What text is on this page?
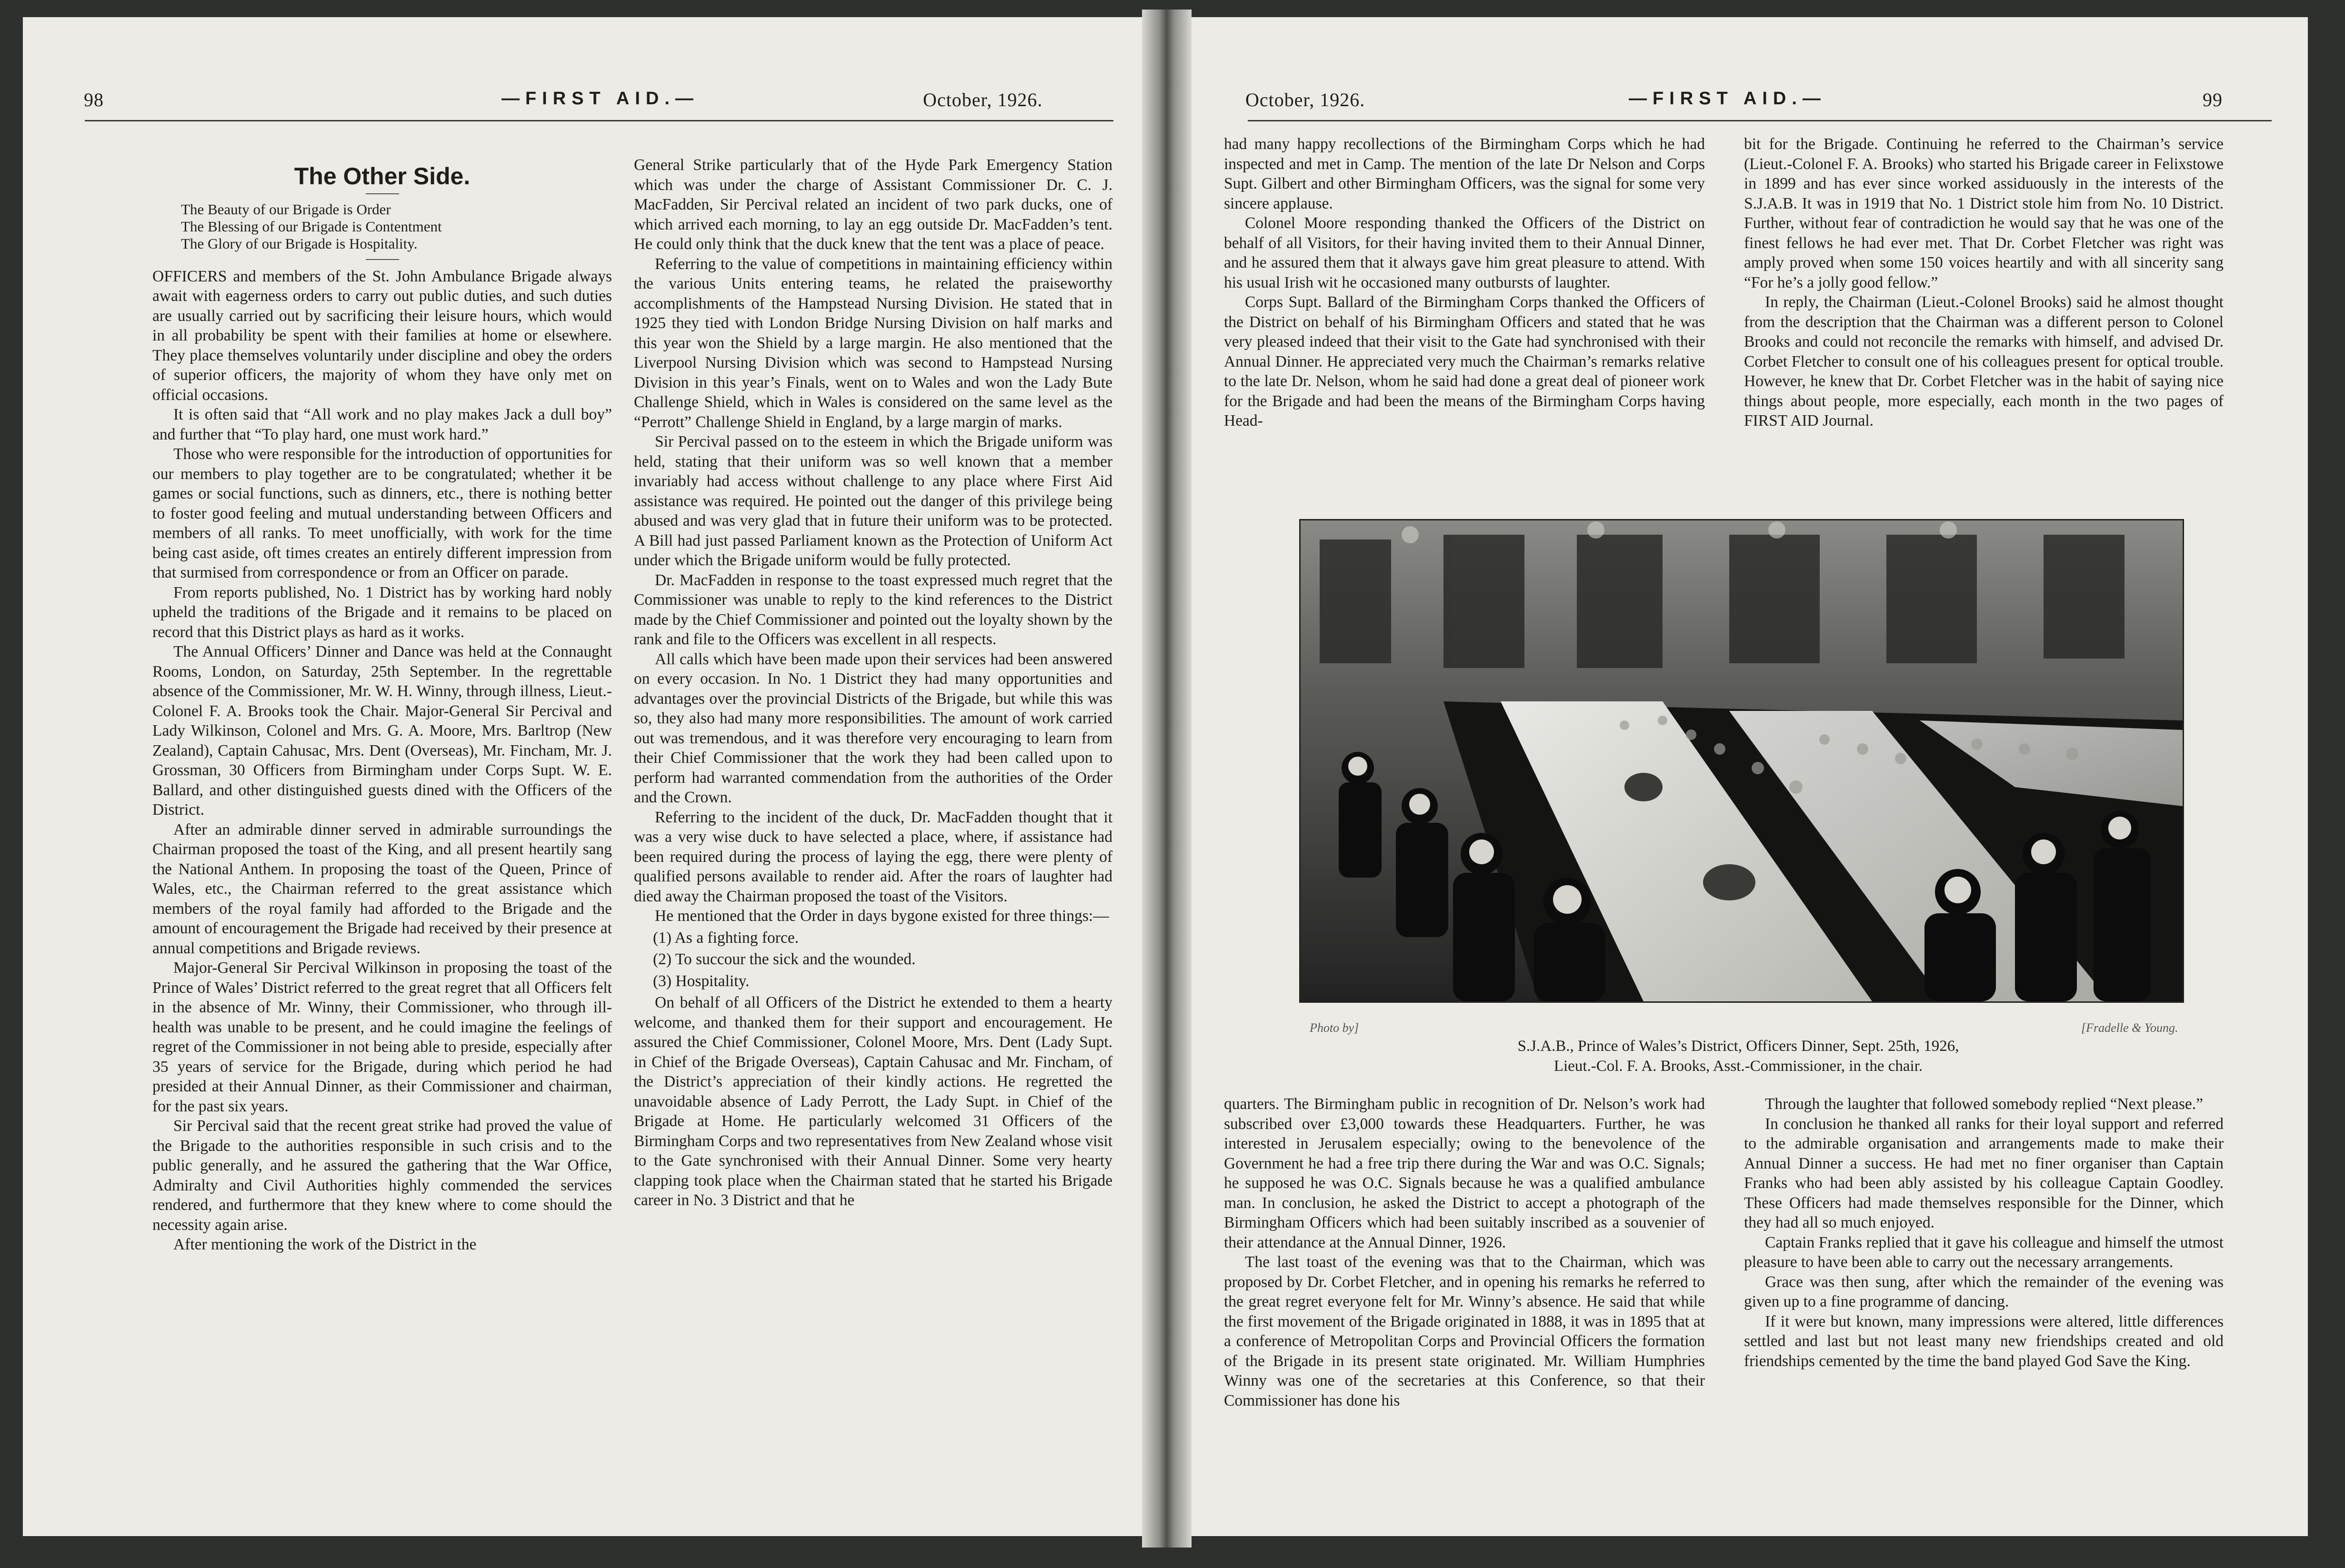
98	—FIRST AID.—	October, 1926.
The Other Side.
The Beauty of our Brigade is Order
The Blessing of our Brigade is Contentment
The Glory of our Brigade is Hospitality.

OFFICERS and members of the St. John Ambulance Brigade always await with eagerness orders to carry out public duties, and such duties are usually carried out by sacrificing their leisure hours, which would in all probability be spent with their families at home or elsewhere. They place themselves voluntarily under discipline and obey the orders of superior officers, the majority of whom they have only met on official occasions.

It is often said that “All work and no play makes Jack a dull boy” and further that “To play hard, one must work hard.”

Those who were responsible for the introduction of opportunities for our members to play together are to be congratulated; whether it be games or social functions, such as dinners, etc., there is nothing better to foster good feeling and mutual understanding between Officers and members of all ranks. To meet unofficially, with work for the time being cast aside, oft times creates an entirely different impression from that surmised from correspondence or from an Officer on parade.

From reports published, No. 1 District has by working hard nobly upheld the traditions of the Brigade and it remains to be placed on record that this District plays as hard as it works.

The Annual Officers’ Dinner and Dance was held at the Connaught Rooms, London, on Saturday, 25th September. In the regrettable absence of the Commissioner, Mr. W. H. Winny, through illness, Lieut.-Colonel F. A. Brooks took the Chair. Major-General Sir Percival and Lady Wilkinson, Colonel and Mrs. G. A. Moore, Mrs. Barltrop (New Zealand), Captain Cahusac, Mrs. Dent (Overseas), Mr. Fincham, Mr. J. Grossman, 30 Officers from Birmingham under Corps Supt. W. E. Ballard, and other distinguished guests dined with the Officers of the District.

After an admirable dinner served in admirable surroundings the Chairman proposed the toast of the King, and all present heartily sang the National Anthem. In proposing the toast of the Queen, Prince of Wales, etc., the Chairman referred to the great assistance which members of the royal family had afforded to the Brigade and the amount of encouragement the Brigade had received by their presence at annual competitions and Brigade reviews.

Major-General Sir Percival Wilkinson in proposing the toast of the Prince of Wales’ District referred to the great regret that all Officers felt in the absence of Mr. Winny, their Commissioner, who through ill-health was unable to be present, and he could imagine the feelings of regret of the Commissioner in not being able to preside, especially after 35 years of service for the Brigade, during which period he had presided at their Annual Dinner, as their Commissioner and chairman, for the past six years.

Sir Percival said that the recent great strike had proved the value of the Brigade to the authorities responsible in such crisis and to the public generally, and he assured the gathering that the War Office, Admiralty and Civil Authorities highly commended the services rendered, and furthermore that they knew where to come should the necessity again arise.

After mentioning the work of the District in the

General Strike particularly that of the Hyde Park Emergency Station which was under the charge of Assistant Commissioner Dr. C. J. MacFadden, Sir Percival related an incident of two park ducks, one of which arrived each morning, to lay an egg outside Dr. MacFadden’s tent. He could only think that the duck knew that the tent was a place of peace.

Referring to the value of competitions in maintaining efficiency within the various Units entering teams, he related the praiseworthy accomplishments of the Hampstead Nursing Division. He stated that in 1925 they tied with London Bridge Nursing Division on half marks and this year won the Shield by a large margin. He also mentioned that the Liverpool Nursing Division which was second to Hampstead Nursing Division in this year’s Finals, went on to Wales and won the Lady Bute Challenge Shield, which in Wales is considered on the same level as the “Perrott” Challenge Shield in England, by a large margin of marks.

Sir Percival passed on to the esteem in which the Brigade uniform was held, stating that their uniform was so well known that a member invariably had access without challenge to any place where First Aid assistance was required. He pointed out the danger of this privilege being abused and was very glad that in future their uniform was to be protected. A Bill had just passed Parliament known as the Protection of Uniform Act under which the Brigade uniform would be fully protected.

Dr. MacFadden in response to the toast expressed much regret that the Commissioner was unable to reply to the kind references to the District made by the Chief Commissioner and pointed out the loyalty shown by the rank and file to the Officers was excellent in all respects.

All calls which have been made upon their services had been answered on every occasion. In No. 1 District they had many opportunities and advantages over the provincial Districts of the Brigade, but while this was so, they also had many more responsibilities. The amount of work carried out was tremendous, and it was therefore very encouraging to learn from their Chief Commissioner that the work they had been called upon to perform had warranted commendation from the authorities of the Order and the Crown.

Referring to the incident of the duck, Dr. MacFadden thought that it was a very wise duck to have selected a place, where, if assistance had been required during the process of laying the egg, there were plenty of qualified persons available to render aid. After the roars of laughter had died away the Chairman proposed the toast of the Visitors.

He mentioned that the Order in days bygone existed for three things:—

(1) As a fighting force.

(2) To succour the sick and the wounded.

(3) Hospitality.

On behalf of all Officers of the District he extended to them a hearty welcome, and thanked them for their support and encouragement. He assured the Chief Commissioner, Colonel Moore, Mrs. Dent (Lady Supt. in Chief of the Brigade Overseas), Captain Cahusac and Mr. Fincham, of the District’s appreciation of their kindly actions. He regretted the unavoidable absence of Lady Perrott, the Lady Supt. in Chief of the Brigade at Home. He particularly welcomed 31 Officers of the Birmingham Corps and two representatives from New Zealand whose visit to the Gate synchronised with their Annual Dinner. Some very hearty clapping took place when the Chairman stated that he started his Brigade career in No. 3 District and that he

October, 1926.	—FIRST AID.—	99

had many happy recollections of the Birmingham Corps which he had inspected and met in Camp. The mention of the late Dr Nelson and Corps Supt. Gilbert and other Birmingham Officers, was the signal for some very sincere applause.

Colonel Moore responding thanked the Officers of the District on behalf of all Visitors, for their having invited them to their Annual Dinner, and he assured them that it always gave him great pleasure to attend. With his usual Irish wit he occasioned many outbursts of laughter.

Corps Supt. Ballard of the Birmingham Corps thanked the Officers of the District on behalf of his Birmingham Officers and stated that he was very pleased indeed that their visit to the Gate had synchronised with their Annual Dinner. He appreciated very much the Chairman’s remarks relative to the late Dr. Nelson, whom he said had done a great deal of pioneer work for the Brigade and had been the means of the Birmingham Corps having Head-

bit for the Brigade. Continuing he referred to the Chairman’s service (Lieut.-Colonel F. A. Brooks) who started his Brigade career in Felixstowe in 1899 and has ever since worked assiduously in the interests of the S.J.A.B. It was in 1919 that No. 1 District stole him from No. 10 District. Further, without fear of contradiction he would say that he was one of the finest fellows he had ever met. That Dr. Corbet Fletcher was right was amply proved when some 150 voices heartily and with all sincerity sang “For he’s a jolly good fellow.”

In reply, the Chairman (Lieut.-Colonel Brooks) said he almost thought from the description that the Chairman was a different person to Colonel Brooks and could not reconcile the remarks with himself, and advised Dr. Corbet Fletcher to consult one of his colleagues present for optical trouble. However, he knew that Dr. Corbet Fletcher was in the habit of saying nice things about people, more especially, each month in the two pages of FIRST AID Journal.

quarters. The Birmingham public in recognition of Dr. Nelson’s work had subscribed over £3,000 towards these Headquarters. Further, he was interested in Jerusalem especially; owing to the benevolence of the Government he had a free trip there during the War and was O.C. Signals; he supposed he was O.C. Signals because he was a qualified ambulance man. In conclusion, he asked the District to accept a photograph of the Birmingham Officers which had been suitably inscribed as a souvenier of their attendance at the Annual Dinner, 1926.

The last toast of the evening was that to the Chairman, which was proposed by Dr. Corbet Fletcher, and in opening his remarks he referred to the great regret everyone felt for Mr. Winny’s absence. He said that while the first movement of the Brigade originated in 1888, it was in 1895 that at a conference of Metropolitan Corps and Provincial Officers the formation of the Brigade in its present state originated. Mr. William Humphries Winny was one of the secretaries at this Conference, so that their Commissioner has done his

Through the laughter that followed somebody replied “Next please.”

In conclusion he thanked all ranks for their loyal support and referred to the admirable organisation and arrangements made to make their Annual Dinner a success. He had met no finer organiser than Captain Franks who had been ably assisted by his colleague Captain Goodley. These Officers had made themselves responsible for the Dinner, which they had all so much enjoyed.

Captain Franks replied that it gave his colleague and himself the utmost pleasure to have been able to carry out the necessary arrangements.

Grace was then sung, after which the remainder of the evening was given up to a fine programme of dancing.

If it were but known, many impressions were altered, little differences settled and last but not least many new friendships created and old friendships cemented by the time the band played God Save the King.

Photo by]	[Fradelle & Young.
S.J.A.B., Prince of Wales’s District, Officers Dinner, Sept. 25th, 1926,
Lieut.-Col. F. A. Brooks, Asst.-Commissioner, in the chair.
